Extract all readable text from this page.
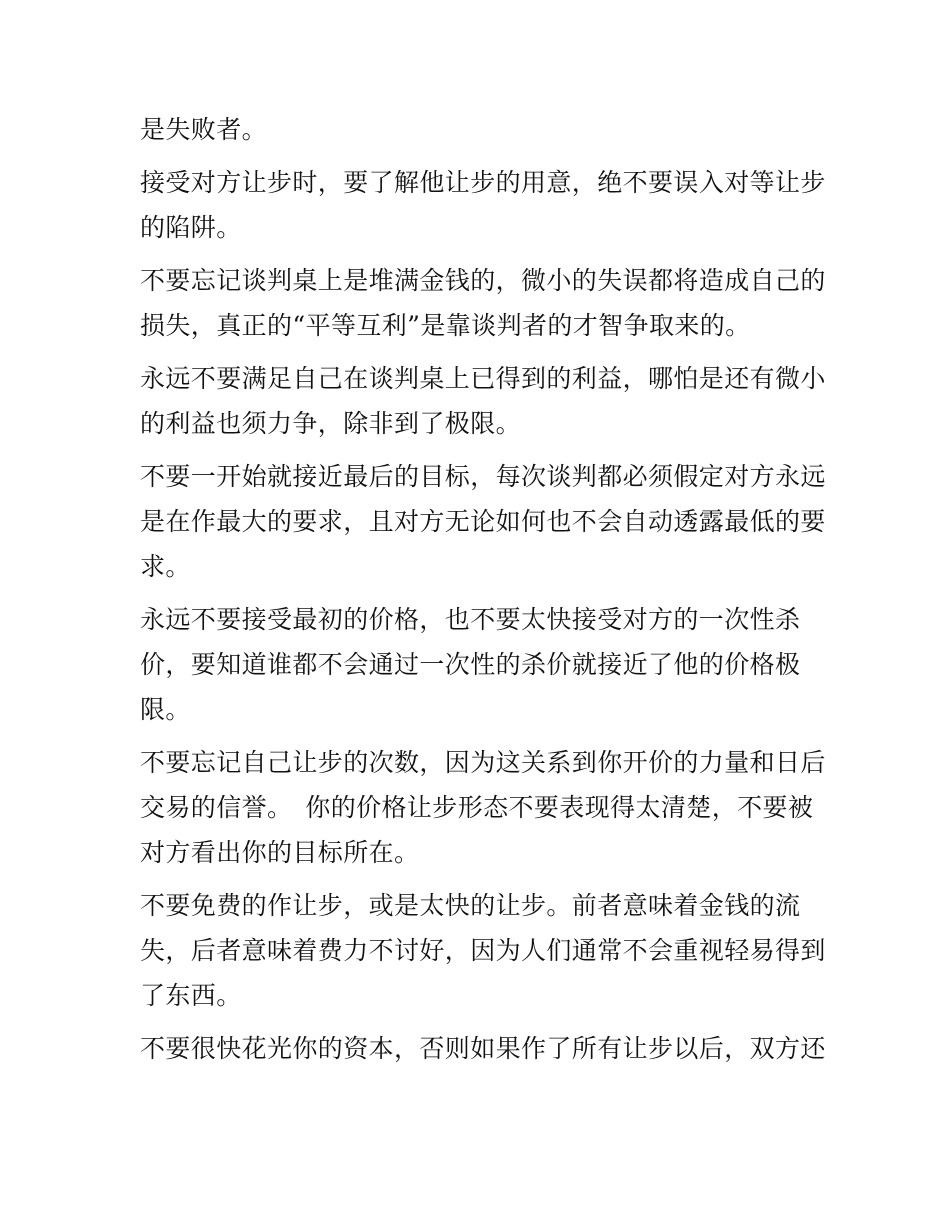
是失败者。

接受对方让步时，要了解他让步的用意，绝不要误入对等让步
的陷阱。

不要忘记谈判桌上是堆满金钱的，微小的失误都将造成自己的
损失，真正的“平等互利”是靠谈判者的才智争取来的。

永远不要满足自己在谈判桌上已得到的利益，哪怕是还有微小
的利益也须力争，除非到了极限。

不要一开始就接近最后的目标，每次谈判都必须假定对方永远
是在作最大的要求，且对方无论如何也不会自动透露最低的要
求。

永远不要接受最初的价格，也不要太快接受对方的一次性杀
价，要知道谁都不会通过一次性的杀价就接近了他的价格极
限。

不要忘记自己让步的次数，因为这关系到你开价的力量和日后
交易的信誉。　你的价格让步形态不要表现得太清楚，不要被
对方看出你的目标所在。

不要免费的作让步，或是太快的让步。前者意味着金钱的流
失，后者意味着费力不讨好，因为人们通常不会重视轻易得到
了东西。

不要很快花光你的资本，否则如果作了所有让步以后，双方还
